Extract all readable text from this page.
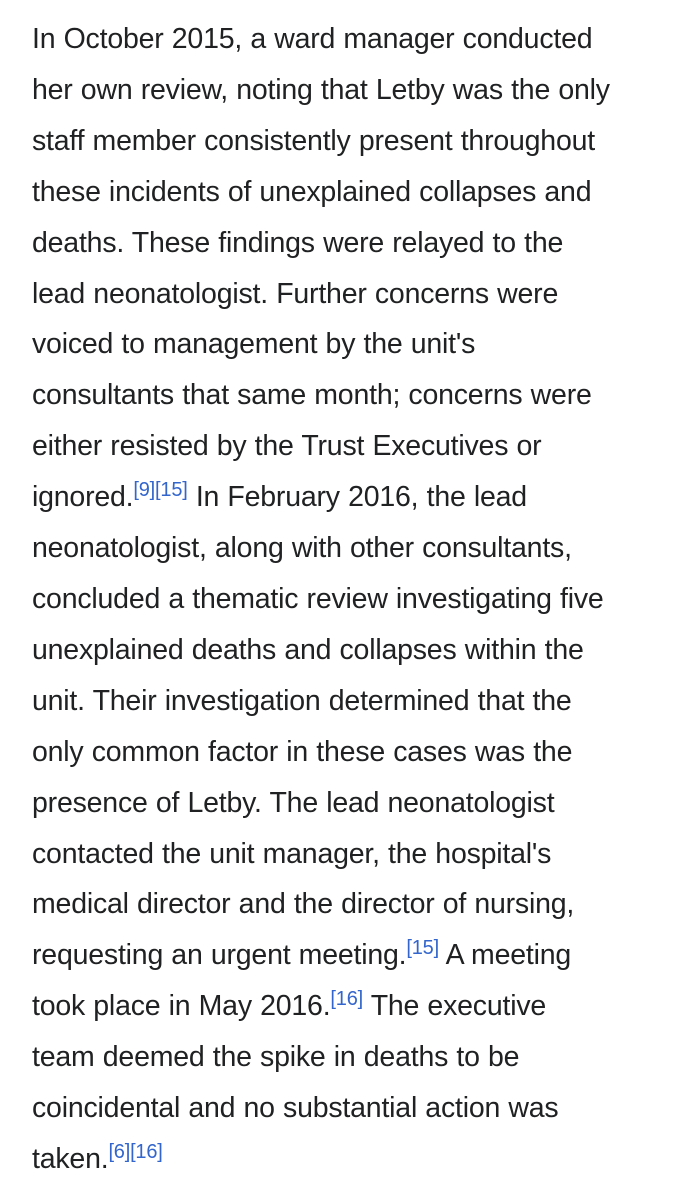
In October 2015, a ward manager conducted
her own review, noting that Letby was the only
staff member consistently present throughout
these incidents of unexplained collapses and
deaths. These findings were relayed to the
lead neonatologist. Further concerns were
voiced to management by the unit's
consultants that same month; concerns were
either resisted by the Trust Executives or
ignored.[9][15] In February 2016, the lead
neonatologist, along with other consultants,
concluded a thematic review investigating five
unexplained deaths and collapses within the
unit. Their investigation determined that the
only common factor in these cases was the
presence of Letby. The lead neonatologist
contacted the unit manager, the hospital's
medical director and the director of nursing,
requesting an urgent meeting.[15] A meeting
took place in May 2016.[16] The executive
team deemed the spike in deaths to be
coincidental and no substantial action was
taken.[6][16]
